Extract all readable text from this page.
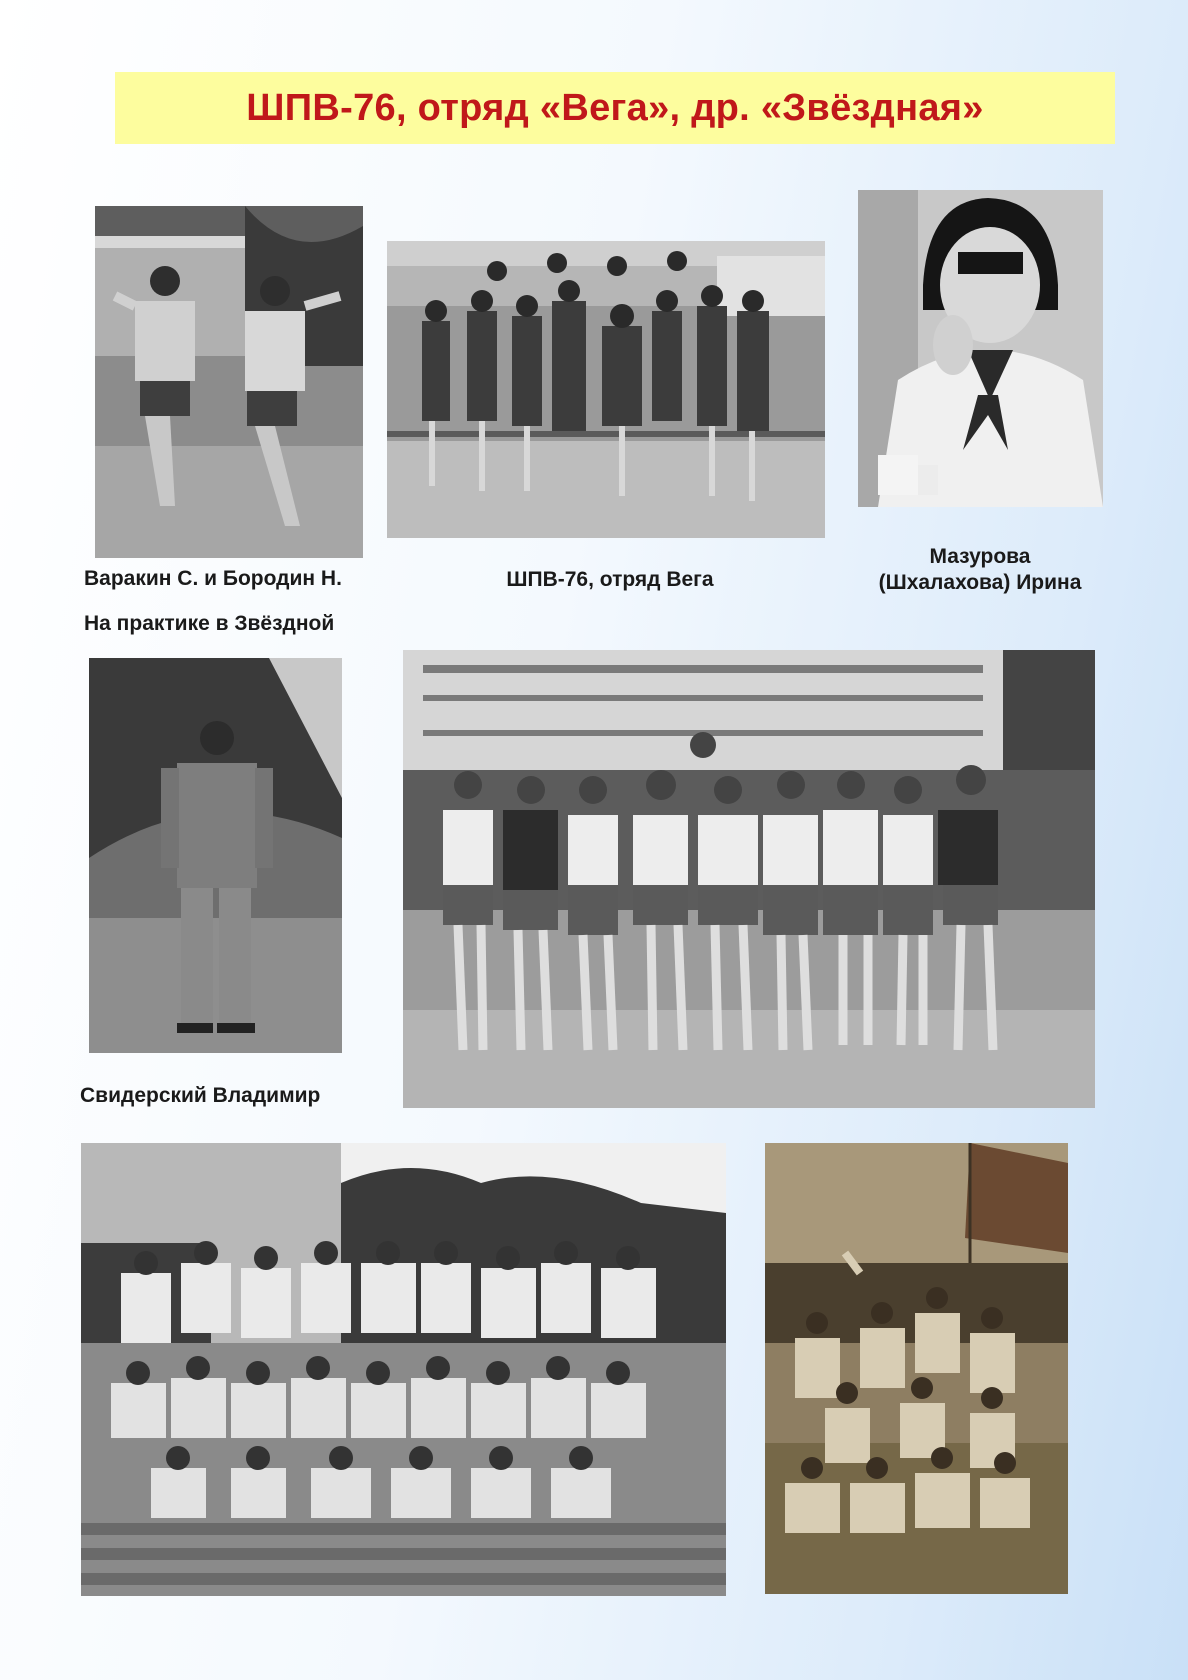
ШПВ-76, отряд «Вега», др. «Звёздная»
Варакин С. и Бородин Н.
На практике в Звёздной
ШПВ-76, отряд Вега
Мазурова
(Шхалахова) Ирина
Свидерский Владимир
